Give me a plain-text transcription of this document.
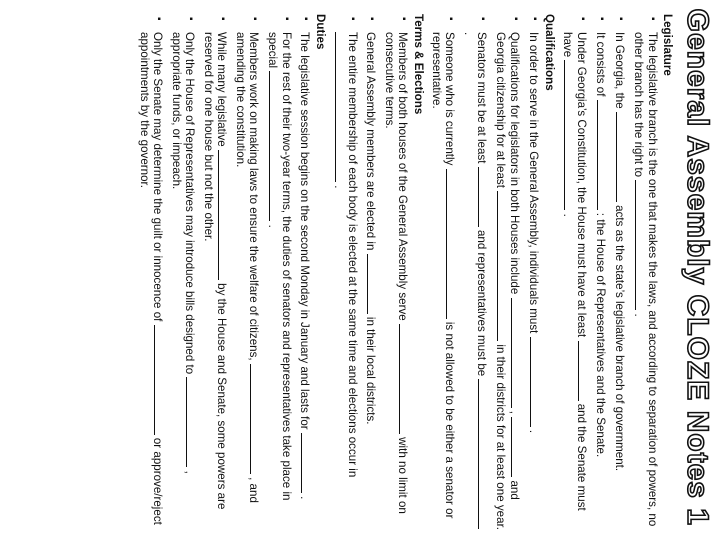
General Assembly CLOZE Notes 1
Legislature
▪ The legislative branch is the one that makes the laws, and according to separation of powers, no other branch has the right to  .
▪ In Georgia, the  acts as the state’s legislative branch of government.
▪ It consists of  : the House of Representatives and the Senate.
▪ Under Georgia’s Constitution, the House must have at least  and the Senate must have  .
Qualifications
▪ In order to serve in the General Assembly, individuals must  .
▪ Qualifications for legislators in both Houses include  ,  and Georgia citizenship for at least  in their districts for at least one year.
▪ Senators must be at least  and representatives must be  .
▪ Someone who is currently  is not allowed to be either a senator or representative.
Terms & Elections
▪ Members of both houses of the General Assembly serve  with no limit on consecutive terms.
▪ General Assembly members are elected in  in their local districts.
▪ The entire membership of each body is elected at the same time and elections occur in  .
Duties
▪ The legislative session begins on the second Monday in January and lasts for  .
▪ For the rest of their two-year terms, the duties of senators and representatives take place in special  .
▪ Members work on making laws to ensure the welfare of citizens,  , and amending the constitution.
▪ While many legislative  by the House and Senate, some powers are reserved for one house but not the other.
▪ Only the House of Representatives may introduce bills designed to  , appropriate funds, or impeach.
▪ Only the Senate may determine the guilt or innocence of  or approve/reject appointments by the governor.
